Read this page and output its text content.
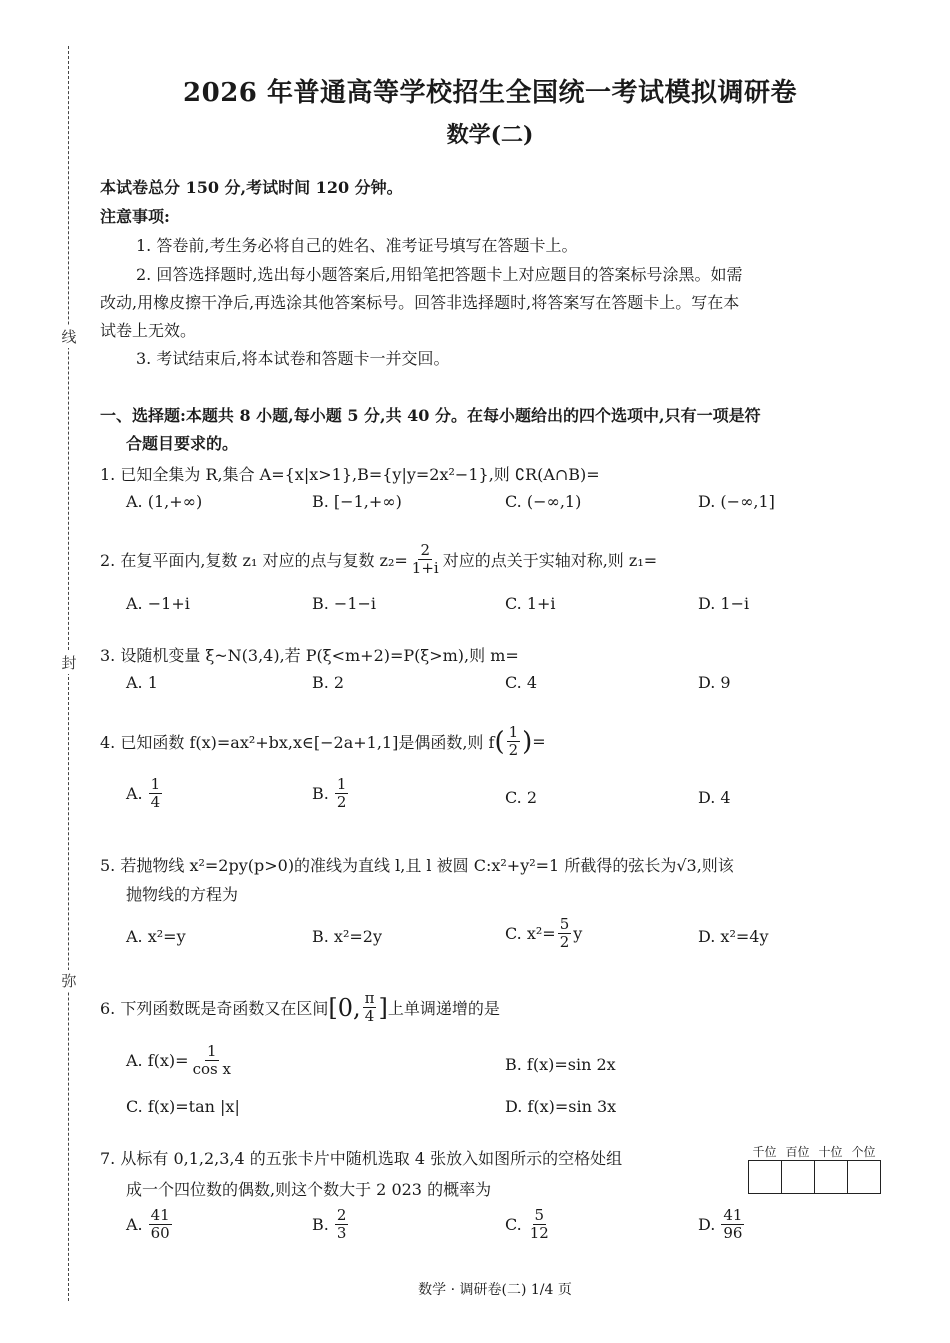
线
封
弥
2026 年普通高等学校招生全国统一考试模拟调研卷
数学(二)
本试卷总分 150 分,考试时间 120 分钟。
注意事项:
1. 答卷前,考生务必将自己的姓名、准考证号填写在答题卡上。
2. 回答选择题时,选出每小题答案后,用铅笔把答题卡上对应题目的答案标号涂黑。如需
改动,用橡皮擦干净后,再选涂其他答案标号。回答非选择题时,将答案写在答题卡上。写在本
试卷上无效。
3. 考试结束后,将本试卷和答题卡一并交回。
一、选择题:本题共 8 小题,每小题 5 分,共 40 分。在每小题给出的四个选项中,只有一项是符
合题目要求的。
1. 已知全集为 R,集合 A={x|x>1},B={y|y=2x²−1},则 ∁R(A∩B)=
A. (1,+∞)	B. [−1,+∞)	C. (−∞,1)	D. (−∞,1]
2. 在复平面内,复数 z₁ 对应的点与复数 $z_2= \frac{2}{1+i}$ 对应的点关于实轴对称,则 z₁=
A. −1+i	B. −1−i	C. 1+i	D. 1−i
3. 设随机变量 ξ~N(3,4),若 P(ξ<m+2)=P(ξ>m),则 m=
A. 1	B. 2	C. 4	D. 9
4. 已知函数 f(x)=ax²+bx,x∈[−2a+1,1]是偶函数,则 f ( $\frac{1}{2}$ ) =
A. $\frac{1}{4}$	B. $\frac{1}{2}$	C. 2	D. 4
5. 若抛物线 x²=2py(p>0)的准线为直线 l,且 l 被圆 C:x²+y²=1 所截得的弦长为√3,则该
抛物线的方程为
A. x²=y	B. x²=2y	C. $x^2= \frac{5}{2}$ y	D. x²=4y
6. 下列函数既是奇函数又在区间 [0, $\frac{\pi}{4}$ ] 上单调递增的是
A. $f(x)= \frac{1}{\text{cos x}}$	B. f(x)=sin 2x
C. f(x)=tan |x|	D. f(x)=sin 3x
7. 从标有 0,1,2,3,4 的五张卡片中随机选取 4 张放入如图所示的空格处组
成一个四位数的偶数,则这个数大于 2 023 的概率为
千位 百位 十位 个位
A. $\frac{41}{60}$	B. $\frac{2}{3}$	C. $\frac{5}{12}$	D. $\frac{41}{96}$
数学 · 调研卷(二) 1/4 页
